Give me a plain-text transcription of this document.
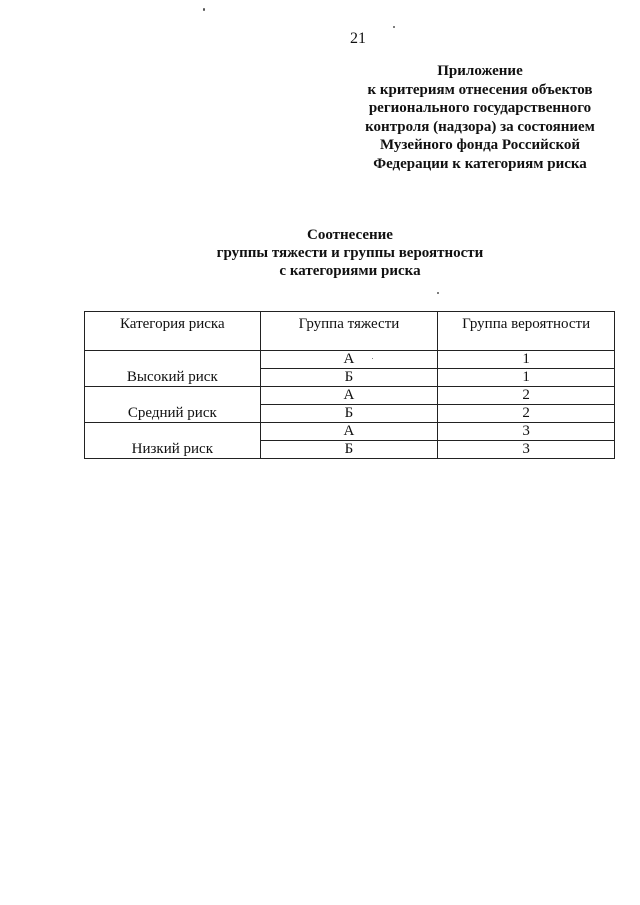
21
Приложение
к критериям отнесения объектов
регионального государственного
контроля (надзора) за состоянием
Музейного фонда Российской
Федерации к категориям риска
Соотнесение
группы тяжести и группы вероятности
с категориями риска
Категория риска	Группа тяжести	Группа вероятности
Высокий риск	А	1
	Б	1
Средний риск	А	2
	Б	2
Низкий риск	А	3
	Б	3
